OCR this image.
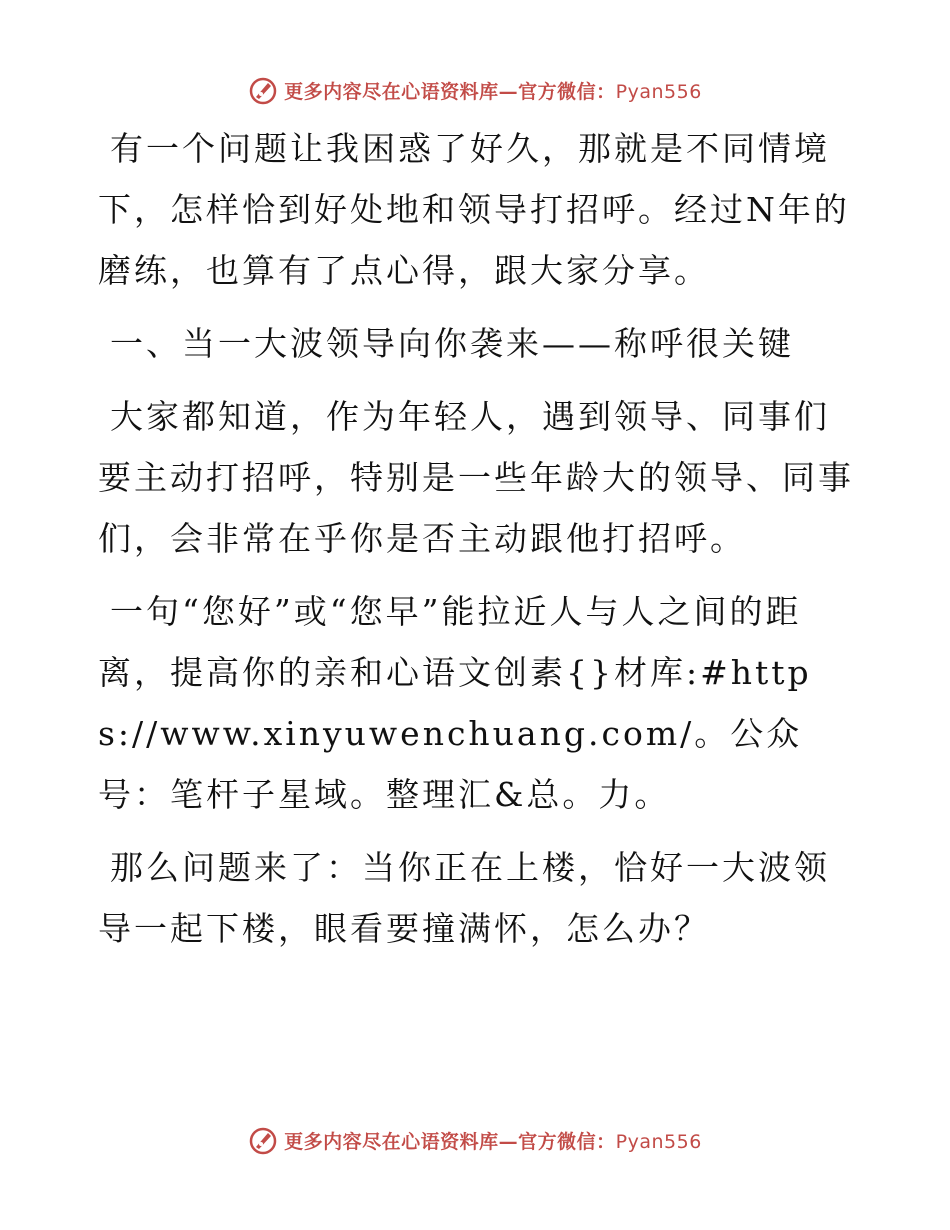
更多内容尽在心语资料库—官方微信：Pyan556

有一个问题让我困惑了好久，那就是不同情境下，怎样恰到好处地和领导打招呼。经过N年的磨练，也算有了点心得，跟大家分享。

一、当一大波领导向你袭来——称呼很关键

大家都知道，作为年轻人，遇到领导、同事们要主动打招呼，特别是一些年龄大的领导、同事们，会非常在乎你是否主动跟他打招呼。

一句“您好”或“您早”能拉近人与人之间的距离，提高你的亲和心语文创素{}材库:#https://www.xinyuwenchuang.com/。公众号：笔杆子星域。整理汇&总。力。

那么问题来了：当你正在上楼，恰好一大波领导一起下楼，眼看要撞满怀，怎么办？

更多内容尽在心语资料库—官方微信：Pyan556
